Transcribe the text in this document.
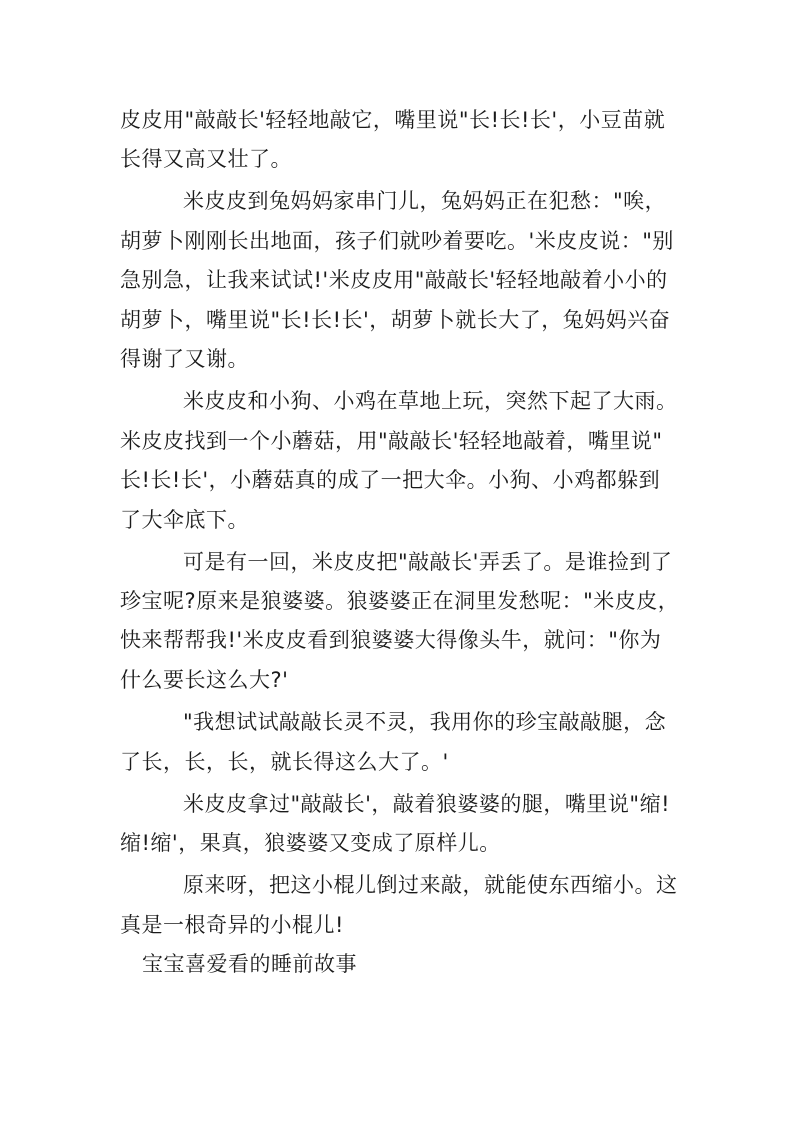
皮皮用"敲敲长'轻轻地敲它，嘴里说"长!长!长'，小豆苗就
长得又高又壮了。
米皮皮到兔妈妈家串门儿，兔妈妈正在犯愁："唉，
胡萝卜刚刚长出地面，孩子们就吵着要吃。'米皮皮说："别
急别急，让我来试试!'米皮皮用"敲敲长'轻轻地敲着小小的
胡萝卜，嘴里说"长!长!长'，胡萝卜就长大了，兔妈妈兴奋
得谢了又谢。
米皮皮和小狗、小鸡在草地上玩，突然下起了大雨。
米皮皮找到一个小蘑菇，用"敲敲长'轻轻地敲着，嘴里说"
长!长!长'，小蘑菇真的成了一把大伞。小狗、小鸡都躲到
了大伞底下。
可是有一回，米皮皮把"敲敲长'弄丢了。是谁捡到了
珍宝呢?原来是狼婆婆。狼婆婆正在洞里发愁呢："米皮皮，
快来帮帮我!'米皮皮看到狼婆婆大得像头牛，就问："你为
什么要长这么大?'
"我想试试敲敲长灵不灵，我用你的珍宝敲敲腿，念
了长，长，长，就长得这么大了。'
米皮皮拿过"敲敲长'，敲着狼婆婆的腿，嘴里说"缩!
缩!缩'，果真，狼婆婆又变成了原样儿。
原来呀，把这小棍儿倒过来敲，就能使东西缩小。这
真是一根奇异的小棍儿!
宝宝喜爱看的睡前故事
